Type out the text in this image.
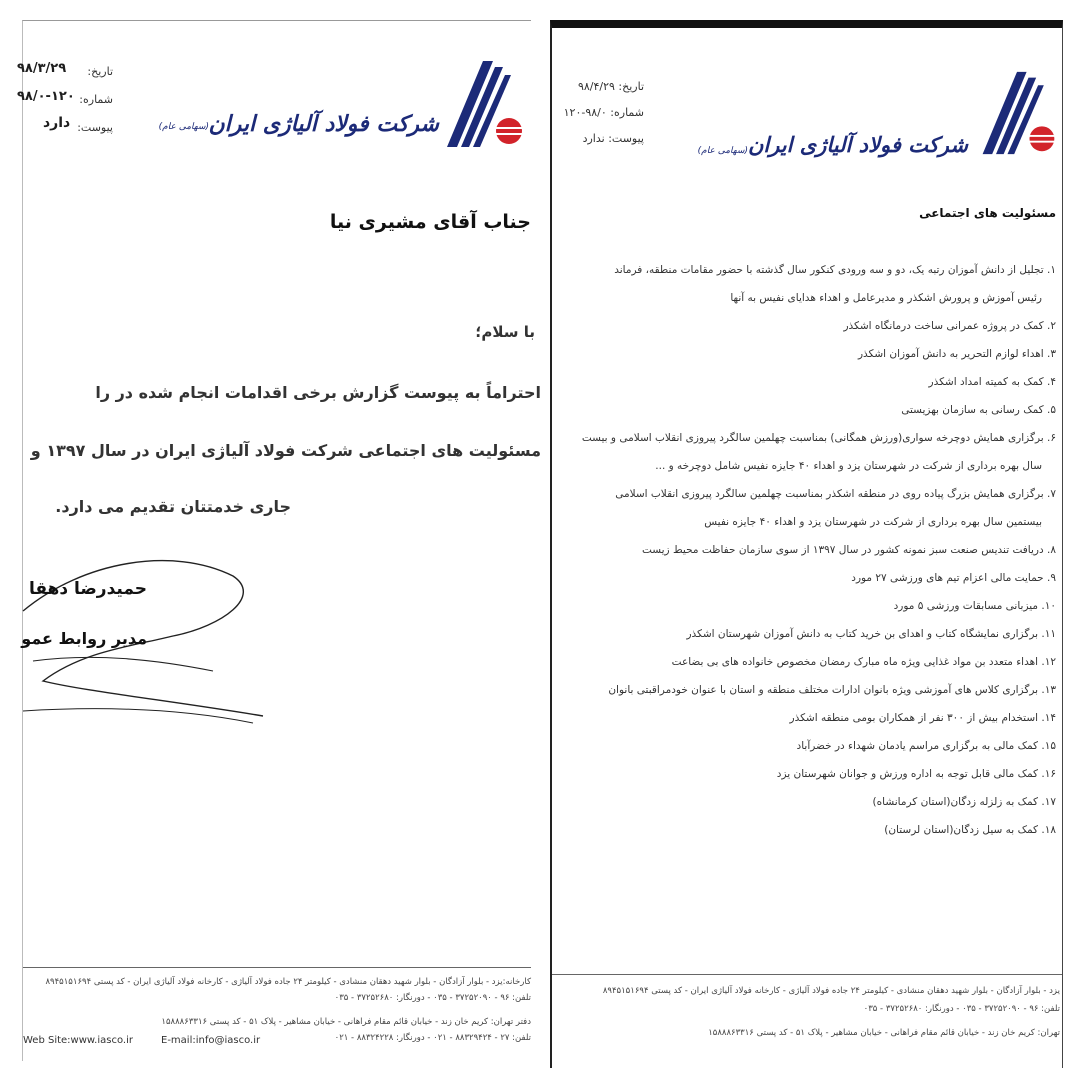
تاریخ:
۹۸/۳/۲۹
شماره:
۹۸/۰-۱۲۰
پیوست:
دارد	شرکت فولاد آلیاژی ایران
(سهامی عام)
جناب آقای مشیری نیا
با سلام؛
احتراماً به پیوست گزارش برخی اقدامات انجام شده در را
مسئولیت های اجتماعی شرکت فولاد آلیاژی ایران در سال ۱۳۹۷ و
جاری خدمتتان تقدیم می دارد.
حمیدرضا دهقا
مدیر روابط عمو
کارخانه:یزد - بلوار آزادگان - بلوار شهید دهقان منشادی - کیلومتر ۲۴ جاده فولاد آلیاژی - کارخانه فولاد آلیاژی ایران - کد پستی ۸۹۴۵۱۵۱۶۹۴
تلفن: ۹۶ - ۳۷۲۵۲۰۹۰ - ۰۳۵ - دورنگار: ۳۷۲۵۲۶۸۰ - ۰۳۵
دفتر تهران: کریم خان زند - خیابان قائم مقام فراهانی - خیابان مشاهیر - پلاک ۵۱ - کد پستی ۱۵۸۸۸۶۳۳۱۶
تلفن: ۲۷ - ۸۸۳۲۹۴۲۴ - ۰۲۱ - دورنگار: ۸۸۳۲۴۲۲۸ - ۰۲۱
Web Site:www.iasco.ir	E-mail:info@iasco.ir
تاریخ: ۹۸/۴/۲۹
شماره: ۹۸/۰-۱۲۰
پیوست: ندارد	شرکت فولاد آلیاژی ایران
(سهامی عام)
مسئولیت های اجتماعی
۱. تجلیل از دانش آموزان رتبه یک، دو و سه ورودی کنکور سال گذشته با حضور مقامات منطقه، فرماند
رئیس آموزش و پرورش اشکذر و مدیرعامل و اهداء هدایای نفیس به آنها
۲. کمک در پروژه عمرانی ساخت درمانگاه اشکذر
۳. اهداء لوازم التحریر به دانش آموزان اشکذر
۴. کمک به کمیته امداد اشکذر
۵. کمک رسانی به سازمان بهزیستی
۶. برگزاری همایش دوچرخه سواری(ورزش همگانی) بمناسبت چهلمین سالگرد پیروزی انقلاب اسلامی و بیست
سال بهره برداری از شرکت در شهرستان یزد و اهداء ۴۰ جایزه نفیس شامل دوچرخه و ...
۷. برگزاری همایش بزرگ پیاده روی در منطقه اشکذر بمناسبت چهلمین سالگرد پیروزی انقلاب اسلامی
بیستمین سال بهره برداری از شرکت در شهرستان یزد و اهداء ۴۰ جایزه نفیس
۸. دریافت تندیس صنعت سبز نمونه کشور در سال ۱۳۹۷ از سوی سازمان حفاظت محیط زیست
۹. حمایت مالی اعزام تیم های ورزشی ۲۷ مورد
۱۰. میزبانی مسابقات ورزشی ۵ مورد
۱۱. برگزاری نمایشگاه کتاب و اهدای بن خرید کتاب به دانش آموزان شهرستان اشکذر
۱۲. اهداء متعدد بن مواد غذایی ویژه ماه مبارک رمضان مخصوص خانواده های بی بضاعت
۱۳. برگزاری کلاس های آموزشی ویژه بانوان ادارات مختلف منطقه و استان با عنوان خودمراقبتی بانوان
۱۴. استخدام بیش از ۳۰۰ نفر از همکاران بومی منطقه اشکذر
۱۵. کمک مالی به برگزاری مراسم یادمان شهداء در خضرآباد
۱۶. کمک مالی قابل توجه به اداره ورزش و جوانان شهرستان یزد
۱۷. کمک به زلزله زدگان(استان کرمانشاه)
۱۸. کمک به سیل زدگان(استان لرستان)
یزد - بلوار آزادگان - بلوار شهید دهقان منشادی - کیلومتر ۲۴ جاده فولاد آلیاژی - کارخانه فولاد آلیاژی ایران - کد پستی ۸۹۴۵۱۵۱۶۹۴
تلفن: ۹۶ - ۳۷۲۵۲۰۹۰ - ۰۳۵ - دورنگار: ۳۷۲۵۲۶۸۰ - ۰۳۵
تهران: کریم خان زند - خیابان قائم مقام فراهانی - خیابان مشاهیر - پلاک ۵۱ - کد پستی ۱۵۸۸۸۶۳۳۱۶
